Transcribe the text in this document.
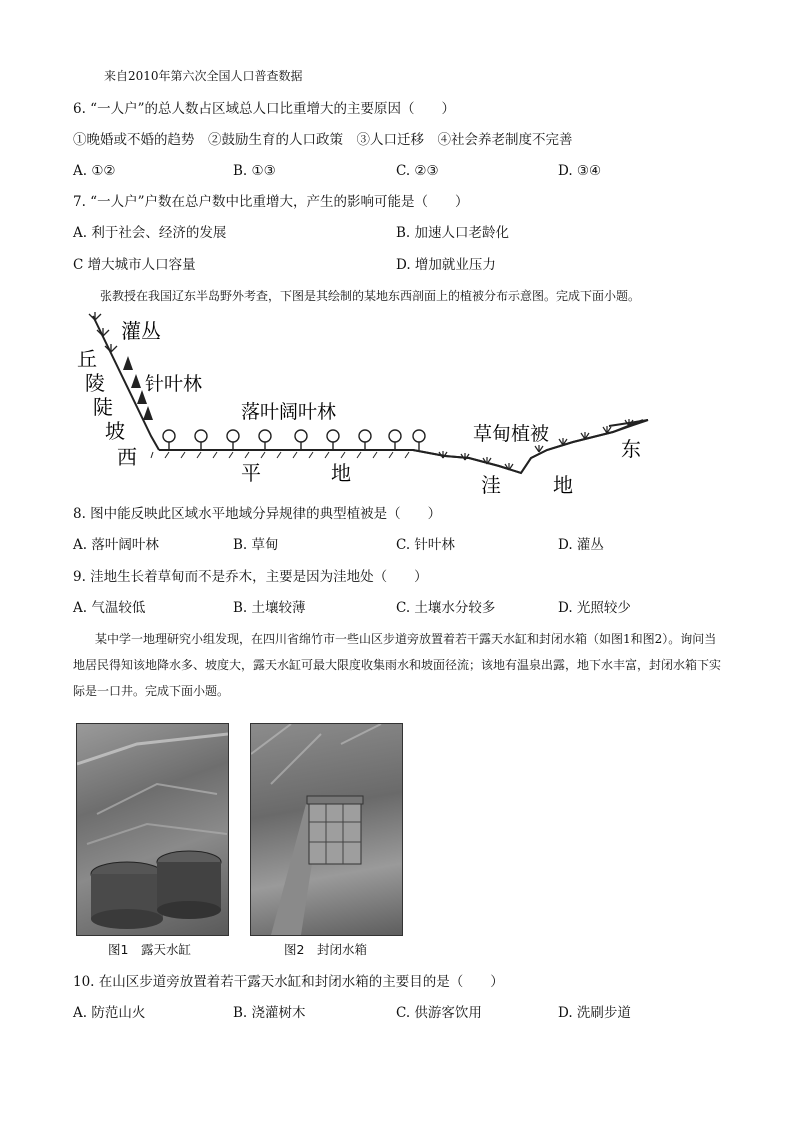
来自2010年第六次全国人口普查数据
6. “一人户”的总人数占区域总人口比重增大的主要原因（　　）
①晚婚或不婚的趋势　②鼓励生育的人口政策　③人口迁移　④社会养老制度不完善
A. ①②	B. ①③	C. ②③	D. ③④
7. “一人户”户数在总户数中比重增大，产生的影响可能是（　　）
A. 利于社会、经济的发展	B. 加速人口老龄化
C 增大城市人口容量	D. 增加就业压力
张教授在我国辽东半岛野外考查，下图是其绘制的某地东西剖面上的植被分布示意图。完成下面小题。
灌丛
丘
陵
陡
坡
针叶林
落叶阔叶林
草甸植被
西	东
平	地	洼	地
8. 图中能反映此区域水平地域分异规律的典型植被是（　　）
A. 落叶阔叶林	B. 草甸	C. 针叶林	D. 灌丛
9. 洼地生长着草甸而不是乔木，主要是因为洼地处（　　）
A. 气温较低	B. 土壤较薄	C. 土壤水分较多	D. 光照较少
某中学一地理研究小组发现，在四川省绵竹市一些山区步道旁放置着若干露天水缸和封闭水箱（如图1和图2）。询问当地居民得知该地降水多、坡度大，露天水缸可最大限度收集雨水和坡面径流；该地有温泉出露，地下水丰富，封闭水箱下实际是一口井。完成下面小题。
图1　露天水缸	图2　封闭水箱
10. 在山区步道旁放置着若干露天水缸和封闭水箱的主要目的是（　　）
A. 防范山火	B. 浇灌树木	C. 供游客饮用	D. 洗刷步道
